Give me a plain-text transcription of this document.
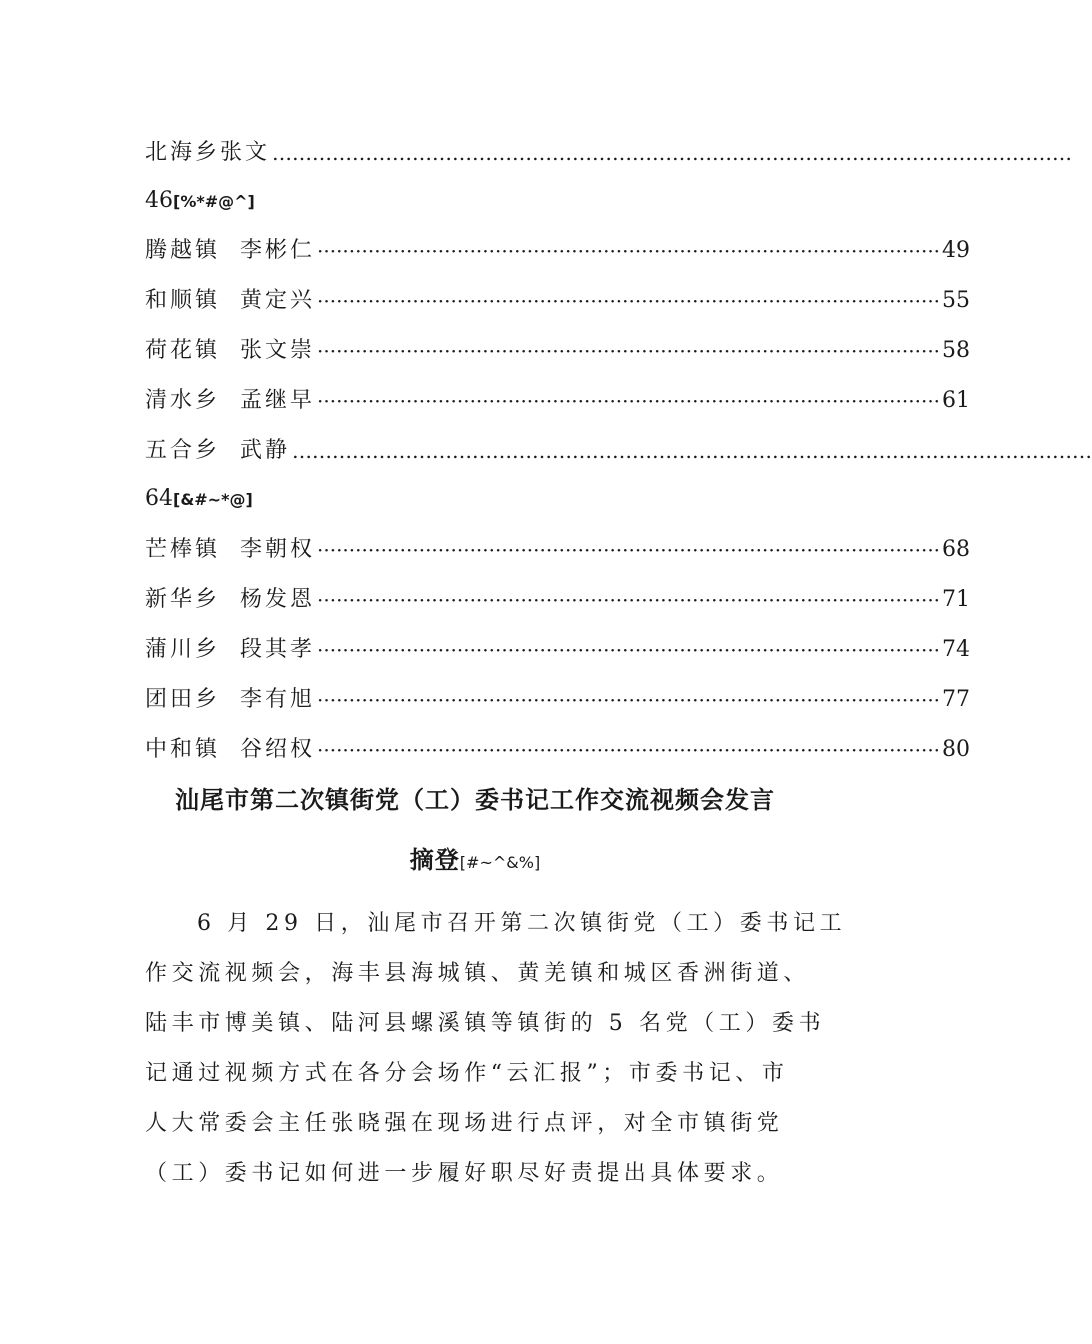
北海乡张文 …………………………………………………………………………………………………………
46[%*#@^]
腾越镇  李彬仁 ·································································································· 49
和顺镇  黄定兴 ·································································································· 55
荷花镇  张文崇 ·································································································· 58
清水乡  孟继早 ·································································································· 61
五合乡  武静 …………………………………………………………………………………………………………
64[&#~*@]
芒棒镇  李朝权 ·································································································· 68
新华乡  杨发恩 ·································································································· 71
蒲川乡  段其孝 ·································································································· 74
团田乡  李有旭 ·································································································· 77
中和镇  谷绍权 ·································································································· 80
汕尾市第二次镇街党（工）委书记工作交流视频会发言
摘登[#~^&%]
6 月 29 日，汕尾市召开第二次镇街党（工）委书记工
作交流视频会，海丰县海城镇、黄羌镇和城区香洲街道、
陆丰市博美镇、陆河县螺溪镇等镇街的 5 名党（工）委书
记通过视频方式在各分会场作“云汇报”；市委书记、市
人大常委会主任张晓强在现场进行点评，对全市镇街党
（工）委书记如何进一步履好职尽好责提出具体要求。
